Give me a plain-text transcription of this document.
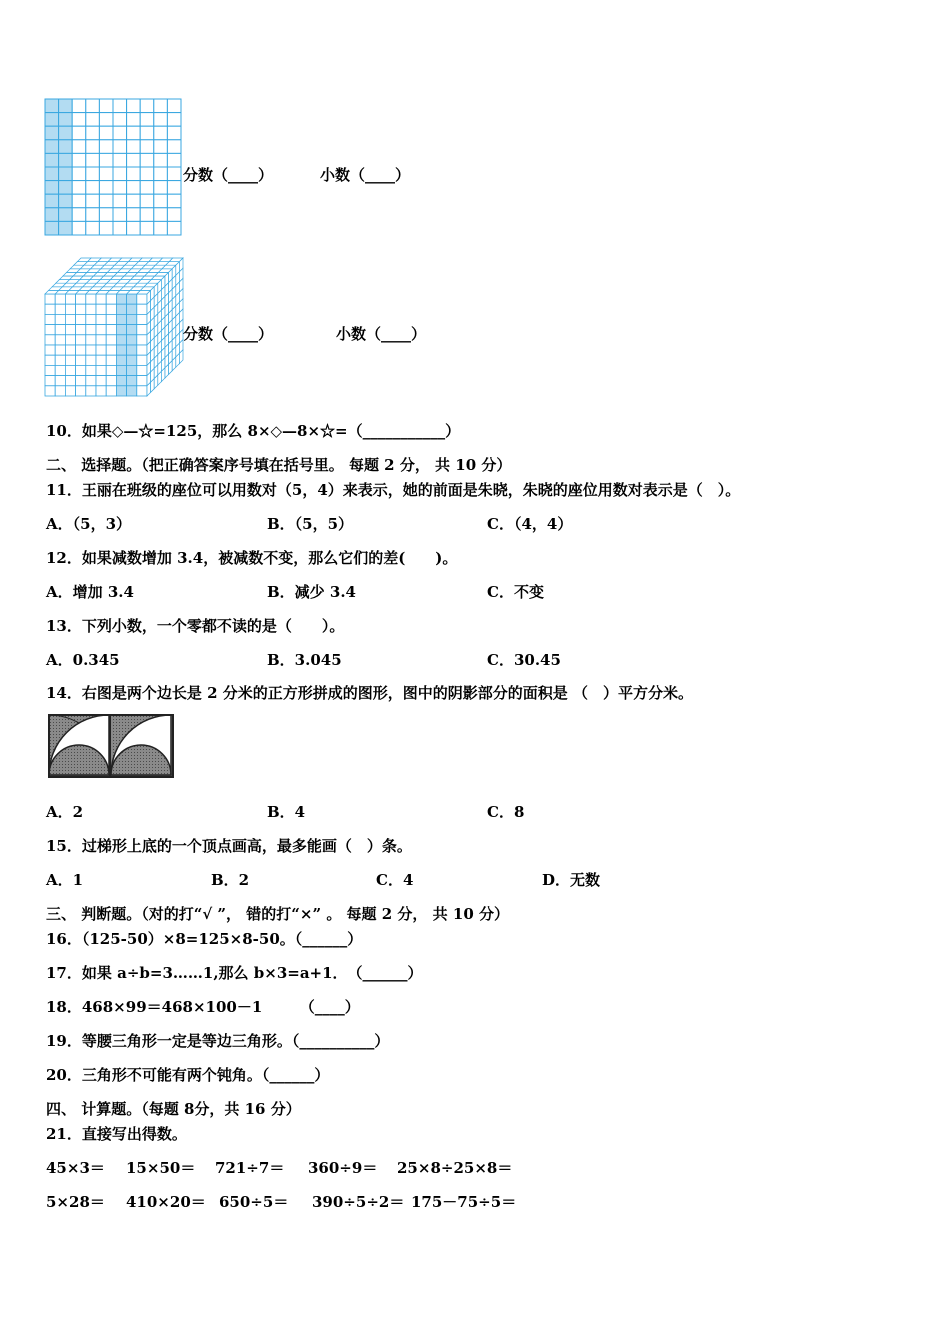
分数（____）	小数（____）
分数（____）	小数（____）
10．如果◇—☆=125，那么 8×◇—8×☆=（___________）
二、 选择题。（把正确答案序号填在括号里。 每题 2 分， 共 10 分）
11．王丽在班级的座位可以用数对（5，4）来表示，她的前面是朱晓，朱晓的座位用数对表示是（　）。
A．（5，3）	B．（5，5）	C．（4，4）
12．如果减数增加 3.4，被减数不变，那么它们的差(　　)。
A．增加 3.4	B．减少 3.4	C．不变
13．下列小数，一个零都不读的是（　　）。
A．0.345	B．3.045	C．30.45
14．右图是两个边长是 2 分米的正方形拼成的图形，图中的阴影部分的面积是 （　）平方分米。
A．2	B．4	C．8
15．过梯形上底的一个顶点画高，最多能画（　）条。
A．1	B．2	C．4	D．无数
三、 判断题。（对的打“√ ”， 错的打“×” 。 每题 2 分， 共 10 分）
16．（125-50）×8=125×8-50。（______）
17．如果 a÷b=3……1,那么 b×3=a+1．　（______）
18．468×99＝468×100－1　　　（____）
19．等腰三角形一定是等边三角形。（__________）
20．三角形不可能有两个钝角。（______）
四、 计算题。（每题 8分，共 16 分）
21．直接写出得数。
45×3＝ 15×50＝ 721÷7＝ 360÷9＝ 25×8÷25×8＝
5×28＝ 410×20＝ 650÷5＝ 390÷5÷2＝ 175－75÷5＝
